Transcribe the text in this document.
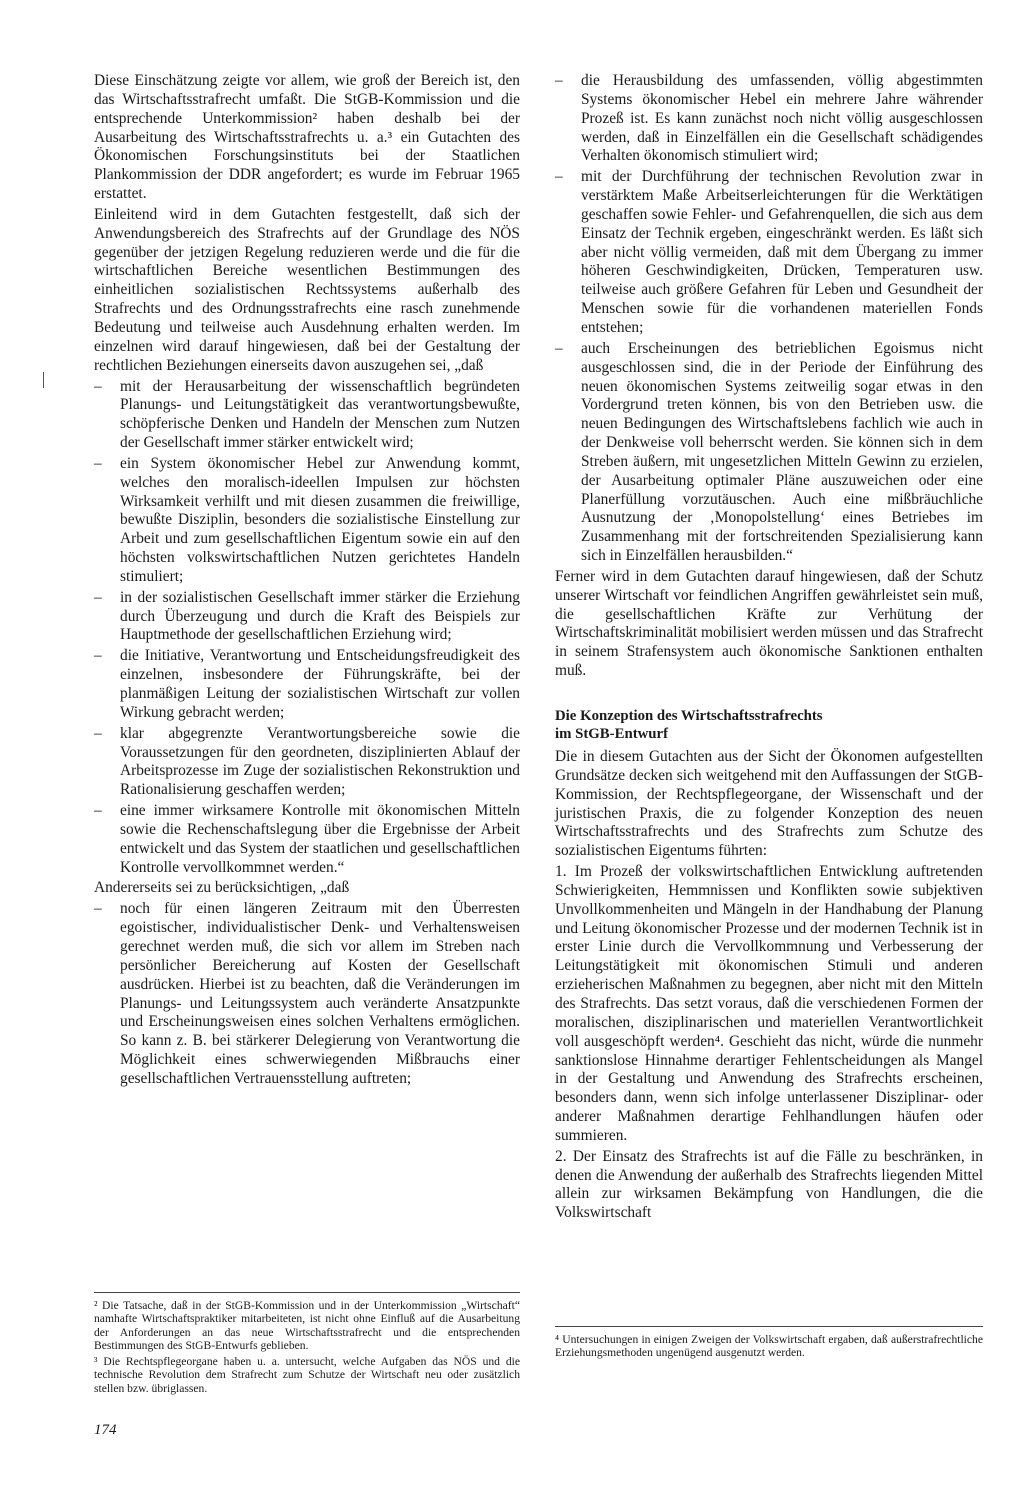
Diese Einschätzung zeigte vor allem, wie groß der Bereich ist, den das Wirtschaftsstrafrecht umfaßt. Die StGB-Kommission und die entsprechende Unterkommission² haben deshalb bei der Ausarbeitung des Wirtschaftsstrafrechts u. a.³ ein Gutachten des Ökonomischen Forschungsinstituts bei der Staatlichen Plankommission der DDR angefordert; es wurde im Februar 1965 erstattet.

Einleitend wird in dem Gutachten festgestellt, daß sich der Anwendungsbereich des Strafrechts auf der Grundlage des NÖS gegenüber der jetzigen Regelung reduzieren werde und die für die wirtschaftlichen Bereiche wesentlichen Bestimmungen des einheitlichen sozialistischen Rechtssystems außerhalb des Strafrechts und des Ordnungsstrafrechts eine rasch zunehmende Bedeutung und teilweise auch Ausdehnung erhalten werden. Im einzelnen wird darauf hingewiesen, daß bei der Gestaltung der rechtlichen Beziehungen einerseits davon auszugehen sei, „daß

– mit der Herausarbeitung der wissenschaftlich begründeten Planungs- und Leitungstätigkeit das verantwortungsbewußte, schöpferische Denken und Handeln der Menschen zum Nutzen der Gesellschaft immer stärker entwickelt wird;
– ein System ökonomischer Hebel zur Anwendung kommt, welches den moralisch-ideellen Impulsen zur höchsten Wirksamkeit verhilft und mit diesen zusammen die freiwillige, bewußte Disziplin, besonders die sozialistische Einstellung zur Arbeit und zum gesellschaftlichen Eigentum sowie ein auf den höchsten volkswirtschaftlichen Nutzen gerichtetes Handeln stimuliert;
– in der sozialistischen Gesellschaft immer stärker die Erziehung durch Überzeugung und durch die Kraft des Beispiels zur Hauptmethode der gesellschaftlichen Erziehung wird;
– die Initiative, Verantwortung und Entscheidungsfreudigkeit des einzelnen, insbesondere der Führungskräfte, bei der planmäßigen Leitung der sozialistischen Wirtschaft zur vollen Wirkung gebracht werden;
– klar abgegrenzte Verantwortungsbereiche sowie die Voraussetzungen für den geordneten, disziplinierten Ablauf der Arbeitsprozesse im Zuge der sozialistischen Rekonstruktion und Rationalisierung geschaffen werden;
– eine immer wirksamere Kontrolle mit ökonomischen Mitteln sowie die Rechenschaftslegung über die Ergebnisse der Arbeit entwickelt und das System der staatlichen und gesellschaftlichen Kontrolle vervollkommnet werden.“

Andererseits sei zu berücksichtigen, „daß

– noch für einen längeren Zeitraum mit den Überresten egoistischer, individualistischer Denk- und Verhaltensweisen gerechnet werden muß, die sich vor allem im Streben nach persönlicher Bereicherung auf Kosten der Gesellschaft ausdrücken. Hierbei ist zu beachten, daß die Veränderungen im Planungs- und Leitungssystem auch veränderte Ansatzpunkte und Erscheinungsweisen eines solchen Verhaltens ermöglichen. So kann z. B. bei stärkerer Delegierung von Verantwortung die Möglichkeit eines schwerwiegenden Mißbrauchs einer gesellschaftlichen Vertrauensstellung auftreten;

² Die Tatsache, daß in der StGB-Kommission und in der Unterkommission „Wirtschaft“ namhafte Wirtschaftspraktiker mitarbeiteten, ist nicht ohne Einfluß auf die Ausarbeitung der Anforderungen an das neue Wirtschaftsstrafrecht und die entsprechenden Bestimmungen des StGB-Entwurfs geblieben.

³ Die Rechtspflegeorgane haben u. a. untersucht, welche Aufgaben das NÖS und die technische Revolution dem Strafrecht zum Schutze der Wirtschaft neu oder zusätzlich stellen bzw. übriglassen.

174
– die Herausbildung des umfassenden, völlig abgestimmten Systems ökonomischer Hebel ein mehrere Jahre währender Prozeß ist. Es kann zunächst noch nicht völlig ausgeschlossen werden, daß in Einzelfällen ein die Gesellschaft schädigendes Verhalten ökonomisch stimuliert wird;
– mit der Durchführung der technischen Revolution zwar in verstärktem Maße Arbeitserleichterungen für die Werktätigen geschaffen sowie Fehler- und Gefahrenquellen, die sich aus dem Einsatz der Technik ergeben, eingeschränkt werden. Es läßt sich aber nicht völlig vermeiden, daß mit dem Übergang zu immer höheren Geschwindigkeiten, Drücken, Temperaturen usw. teilweise auch größere Gefahren für Leben und Gesundheit der Menschen sowie für die vorhandenen materiellen Fonds entstehen;
– auch Erscheinungen des betrieblichen Egoismus nicht ausgeschlossen sind, die in der Periode der Einführung des neuen ökonomischen Systems zeitweilig sogar etwas in den Vordergrund treten können, bis von den Betrieben usw. die neuen Bedingungen des Wirtschaftslebens fachlich wie auch in der Denkweise voll beherrscht werden. Sie können sich in dem Streben äußern, mit ungesetzlichen Mitteln Gewinn zu erzielen, der Ausarbeitung optimaler Pläne auszuweichen oder eine Planerfüllung vorzutäuschen. Auch eine mißbräuchliche Ausnutzung der ‚Monopolstellung‘ eines Betriebes im Zusammenhang mit der fortschreitenden Spezialisierung kann sich in Einzelfällen herausbilden.“

Ferner wird in dem Gutachten darauf hingewiesen, daß der Schutz unserer Wirtschaft vor feindlichen Angriffen gewährleistet sein muß, die gesellschaftlichen Kräfte zur Verhütung der Wirtschaftskriminalität mobilisiert werden müssen und das Strafrecht in seinem Strafensystem auch ökonomische Sanktionen enthalten muß.

Die Konzeption des Wirtschaftsstrafrechts
im StGB-Entwurf

Die in diesem Gutachten aus der Sicht der Ökonomen aufgestellten Grundsätze decken sich weitgehend mit den Auffassungen der StGB-Kommission, der Rechtspflegeorgane, der Wissenschaft und der juristischen Praxis, die zu folgender Konzeption des neuen Wirtschaftsstrafrechts und des Strafrechts zum Schutze des sozialistischen Eigentums führten:

1. Im Prozeß der volkswirtschaftlichen Entwicklung auftretenden Schwierigkeiten, Hemmnissen und Konflikten sowie subjektiven Unvollkommenheiten und Mängeln in der Handhabung der Planung und Leitung ökonomischer Prozesse und der modernen Technik ist in erster Linie durch die Vervollkommnung und Verbesserung der Leitungstätigkeit mit ökonomischen Stimuli und anderen erzieherischen Maßnahmen zu begegnen, aber nicht mit den Mitteln des Strafrechts. Das setzt voraus, daß die verschiedenen Formen der moralischen, disziplinarischen und materiellen Verantwortlichkeit voll ausgeschöpft werden⁴. Geschieht das nicht, würde die nunmehr sanktionslose Hinnahme derartiger Fehlentscheidungen als Mangel in der Gestaltung und Anwendung des Strafrechts erscheinen, besonders dann, wenn sich infolge unterlassener Disziplinar- oder anderer Maßnahmen derartige Fehlhandlungen häufen oder summieren.

2. Der Einsatz des Strafrechts ist auf die Fälle zu beschränken, in denen die Anwendung der außerhalb des Strafrechts liegenden Mittel allein zur wirksamen Bekämpfung von Handlungen, die die Volkswirtschaft

⁴ Untersuchungen in einigen Zweigen der Volkswirtschaft ergaben, daß außerstrafrechtliche Erziehungsmethoden ungenügend ausgenutzt werden.
